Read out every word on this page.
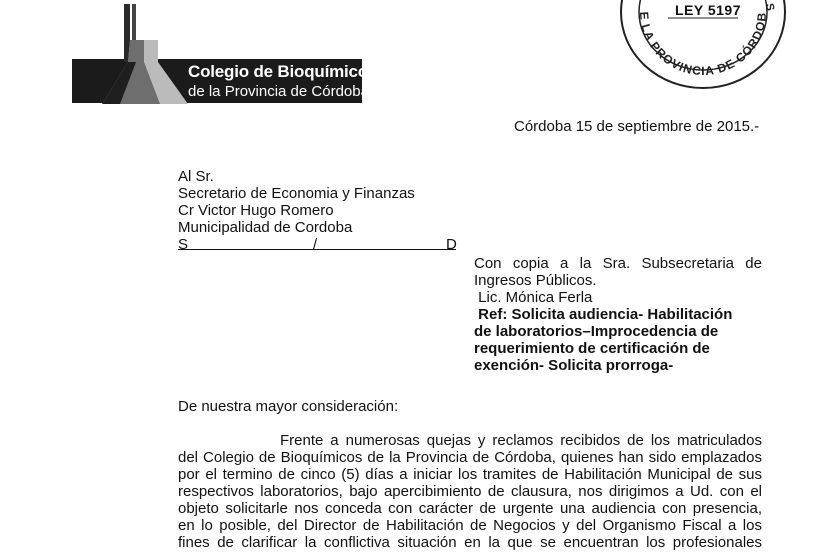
Colegio de Bioquímicos
de la Provincia de Córdoba
E LA PROVINCIA DE CÓRDOB
S
LEY 5197
Córdoba 15 de septiembre de 2015.-
Al Sr.
Secretario de Economia y Finanzas
Cr Victor Hugo Romero
Municipalidad de Cordoba
S	/	D
Con copia a la Sra. Subsecretaria de
Ingresos Públicos.
Lic. Mónica Ferla
Ref: Solicita audiencia- Habilitación
de laboratorios–Improcedencia de
requerimiento de certificación de
exención- Solicita prorroga-
De nuestra mayor consideración:
Frente a numerosas quejas y reclamos recibidos de los matriculados
del Colegio de Bioquímicos de la Provincia de Córdoba, quienes han sido emplazados
por el termino de cinco (5) días a iniciar los tramites de Habilitación Municipal de sus
respectivos laboratorios, bajo apercibimiento de clausura, nos dirigimos a Ud. con el
objeto solicitarle nos conceda con carácter de urgente una audiencia con presencia,
en lo posible, del Director de Habilitación de Negocios y del Organismo Fiscal a los
fines de clarificar la conflictiva situación en la que se encuentran los profesionales
